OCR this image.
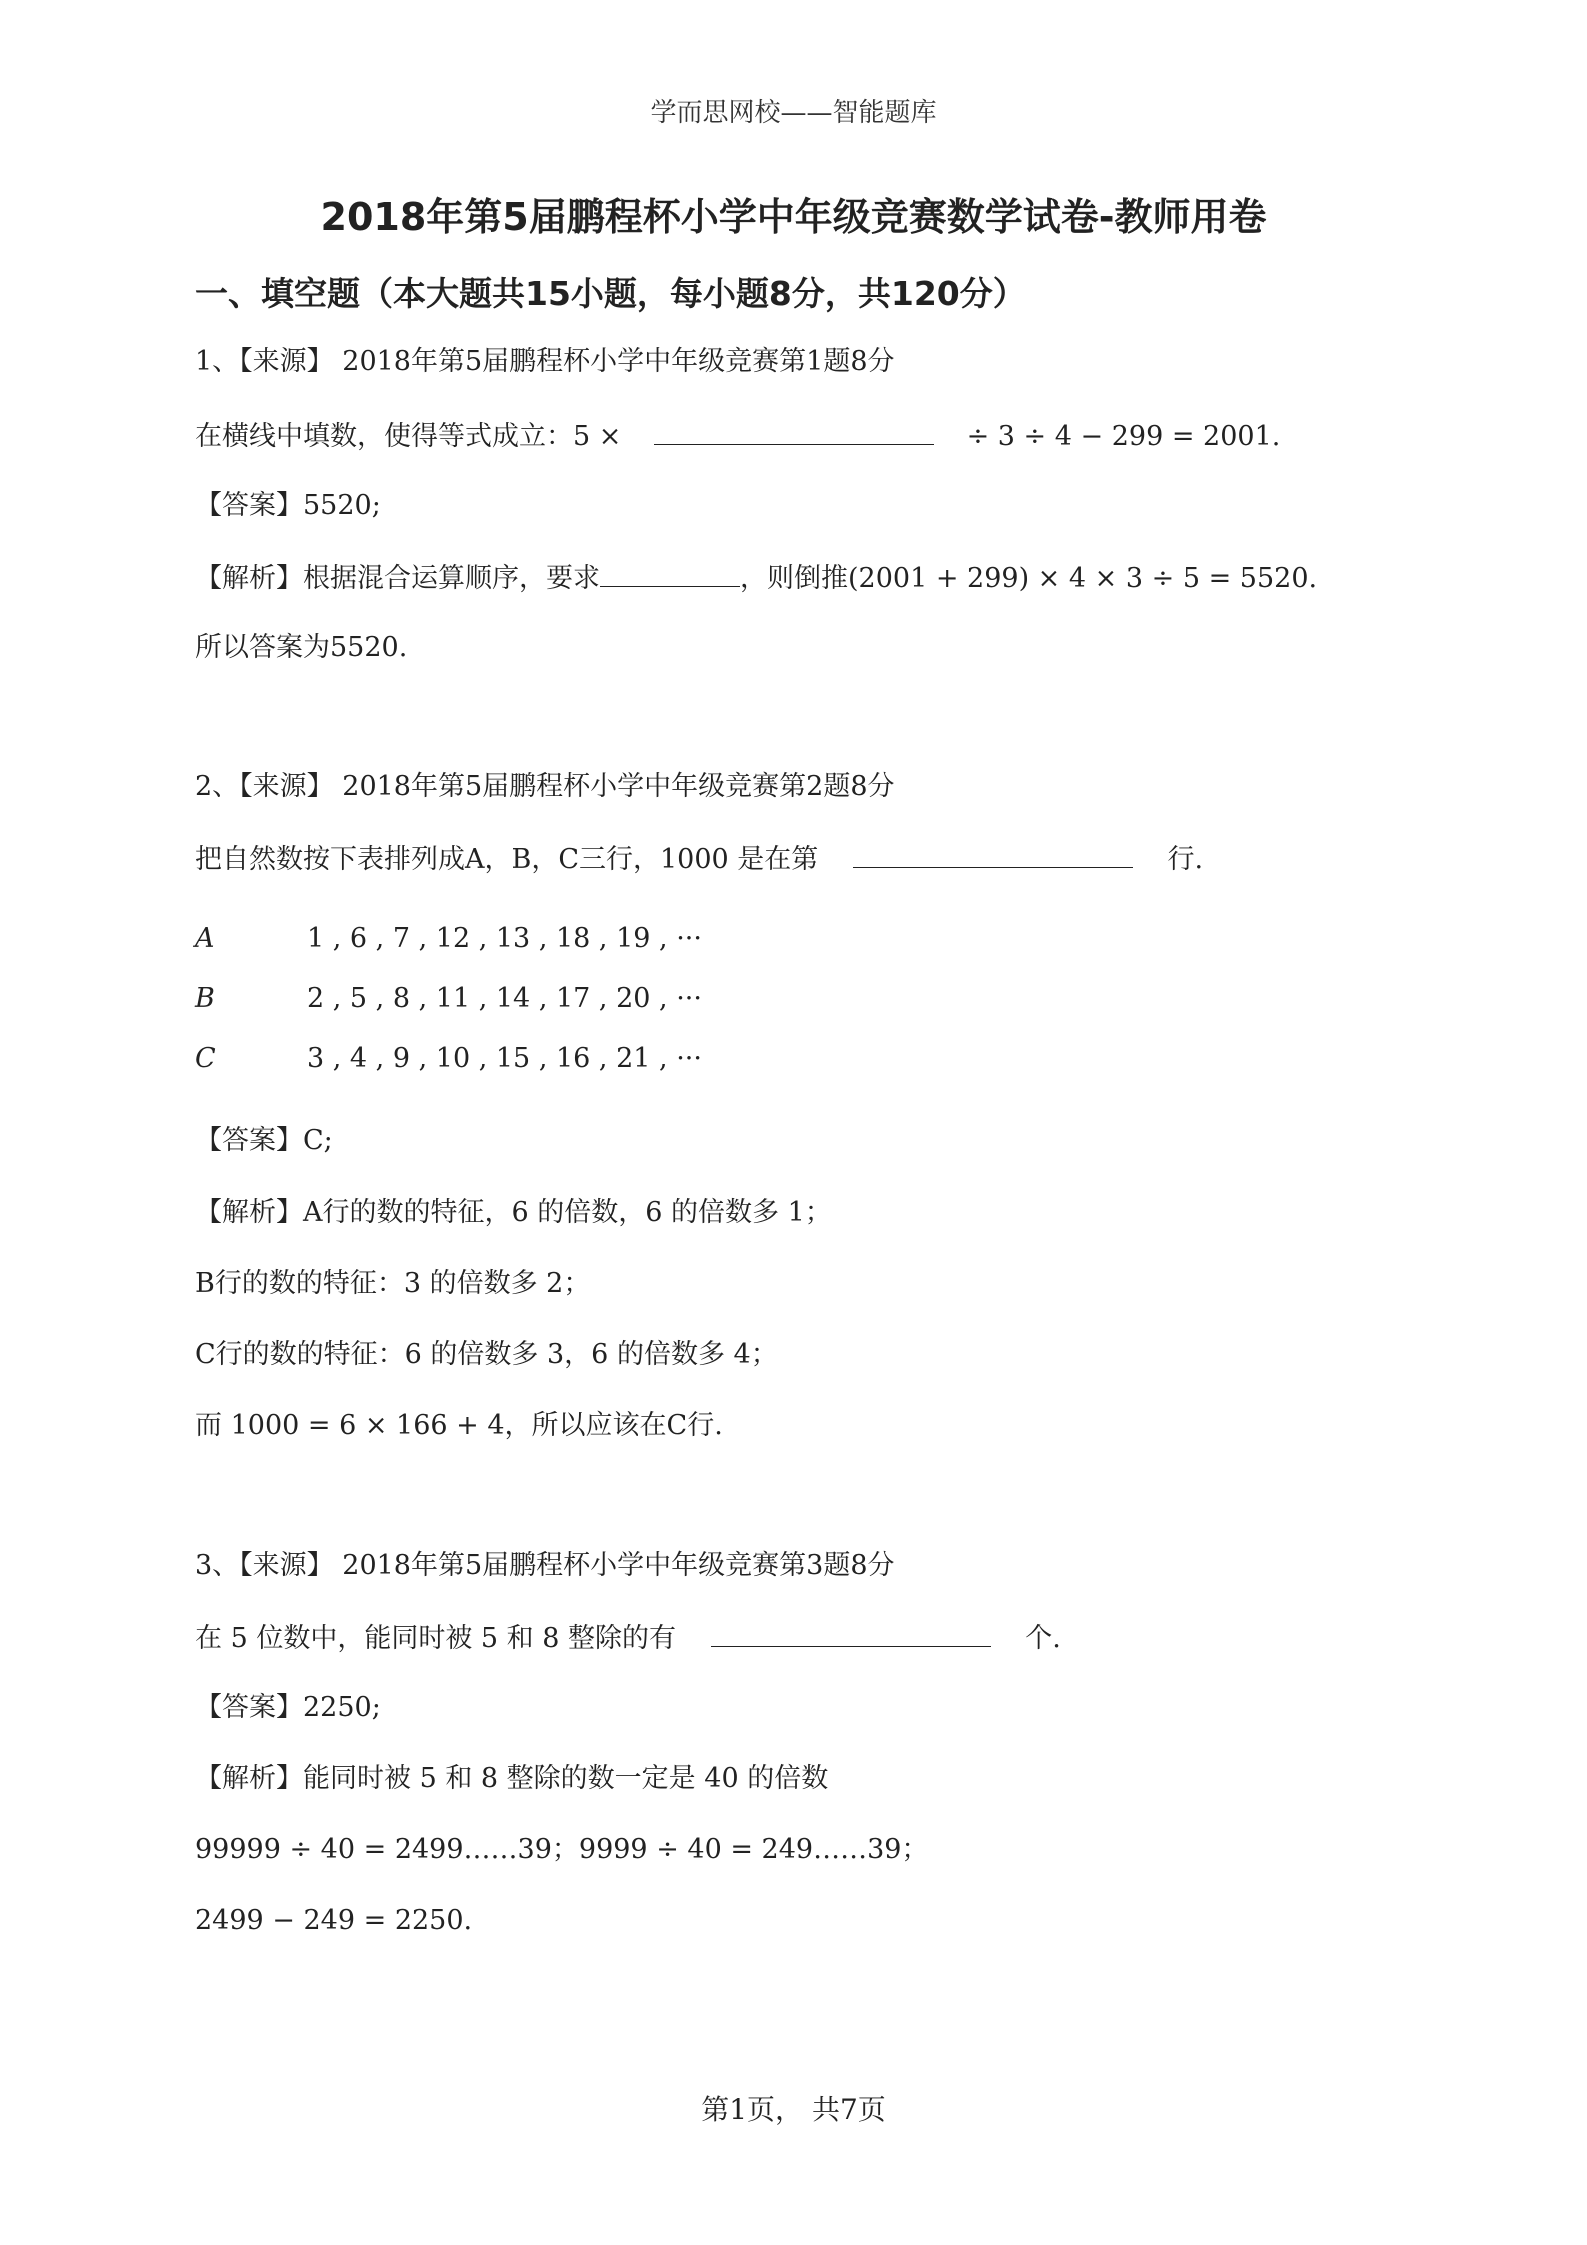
学而思网校——智能题库
2018年第5届鹏程杯小学中年级竞赛数学试卷-教师用卷
一、填空题（本大题共15小题，每小题8分，共120分）
1、【来源】 2018年第5届鹏程杯小学中年级竞赛第1题8分
在横线中填数，使得等式成立：5 ×	÷ 3 ÷ 4 − 299 = 2001.
【答案】5520;
【解析】根据混合运算顺序，要求	，则倒推(2001 + 299) × 4 × 3 ÷ 5 = 5520.
所以答案为5520.
2、【来源】 2018年第5届鹏程杯小学中年级竞赛第2题8分
把自然数按下表排列成A，B，C三行，1000 是在第	行.
A	1 , 6 , 7 , 12 , 13 , 18 , 19 , ···
B	2 , 5 , 8 , 11 , 14 , 17 , 20 , ···
C	3 , 4 , 9 , 10 , 15 , 16 , 21 , ···
【答案】C;
【解析】A行的数的特征，6 的倍数，6 的倍数多 1；
B行的数的特征：3 的倍数多 2；
C行的数的特征：6 的倍数多 3，6 的倍数多 4；
而 1000 = 6 × 166 + 4，所以应该在C行.
3、【来源】 2018年第5届鹏程杯小学中年级竞赛第3题8分
在 5 位数中，能同时被 5 和 8 整除的有	个.
【答案】2250;
【解析】能同时被 5 和 8 整除的数一定是 40 的倍数
99999 ÷ 40 = 2499……39；9999 ÷ 40 = 249……39；
2499 − 249 = 2250.
第1页， 共7页
